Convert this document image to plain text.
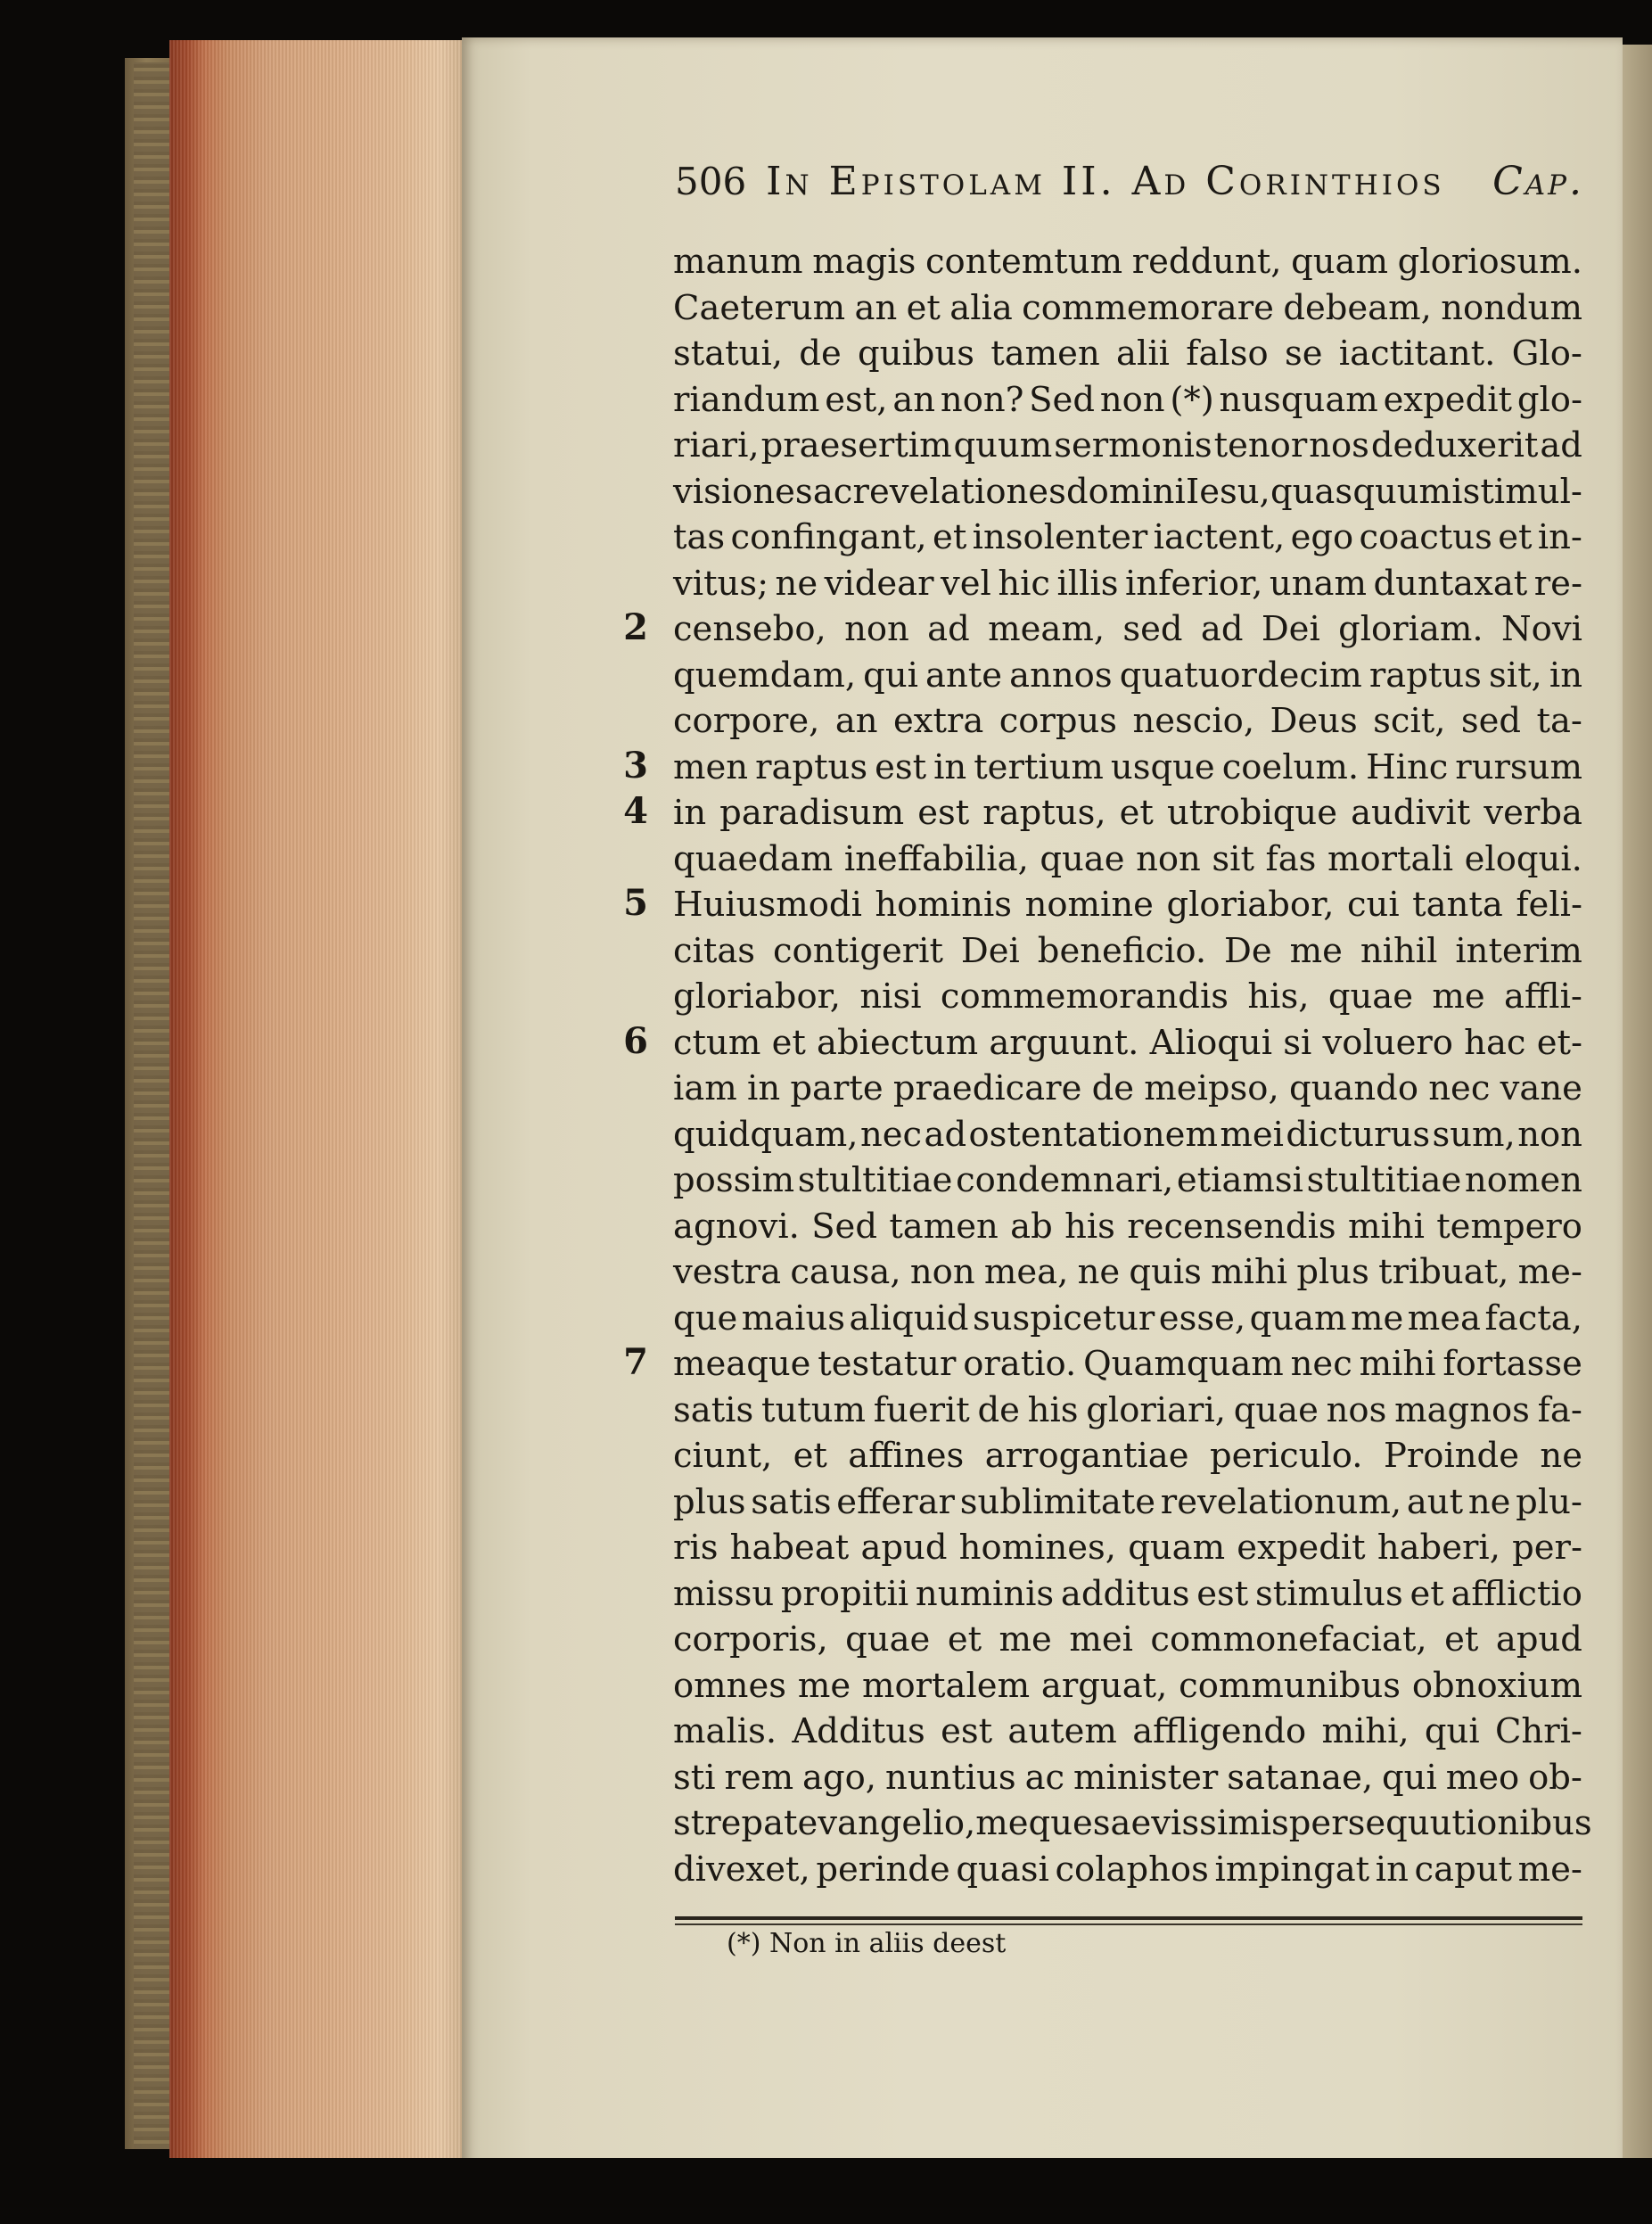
506 In Epistolam II. Ad Corinthios Cap.
manum magis contemtum reddunt, quam gloriosum.
Caeterum an et alia commemorare debeam, nondum
statui, de quibus tamen alii falso se iactitant. Glo-
riandum est, an non? Sed non (*) nusquam expedit glo-
riari, praesertim quum sermonis tenor nos deduxerit ad
visiones ac revelationes domini Iesu, quas quum isti mul-
tas confingant, et insolenter iactent, ego coactus et in-
vitus; ne videar vel hic illis inferior, unam duntaxat re-
censebo, non ad meam, sed ad Dei gloriam. Novi
quemdam, qui ante annos quatuordecim raptus sit, in
corpore, an extra corpus nescio, Deus scit, sed ta-
men raptus est in tertium usque coelum. Hinc rursum
in paradisum est raptus, et utrobique audivit verba
quaedam ineffabilia, quae non sit fas mortali eloqui.
Huiusmodi hominis nomine gloriabor, cui tanta feli-
citas contigerit Dei beneficio. De me nihil interim
gloriabor, nisi commemorandis his, quae me affli-
ctum et abiectum arguunt. Alioqui si voluero hac et-
iam in parte praedicare de meipso, quando nec vane
quidquam, nec ad ostentationem mei dicturus sum, non
possim stultitiae condemnari, etiamsi stultitiae nomen
agnovi. Sed tamen ab his recensendis mihi tempero
vestra causa, non mea, ne quis mihi plus tribuat, me-
que maius aliquid suspicetur esse, quam me mea facta,
meaque testatur oratio. Quamquam nec mihi fortasse
satis tutum fuerit de his gloriari, quae nos magnos fa-
ciunt, et affines arrogantiae periculo. Proinde ne
plus satis efferar sublimitate revelationum, aut ne plu-
ris habeat apud homines, quam expedit haberi, per-
missu propitii numinis additus est stimulus et afflictio
corporis, quae et me mei commonefaciat, et apud
omnes me mortalem arguat, communibus obnoxium
malis. Additus est autem affligendo mihi, qui Chri-
sti rem ago, nuntius ac minister satanae, qui meo ob-
strepat evangelio, meque saevissimis persequutionibus
divexet, perinde quasi colaphos impingat in caput me-
2
3
4
5
6
7
(*) Non in aliis deest
